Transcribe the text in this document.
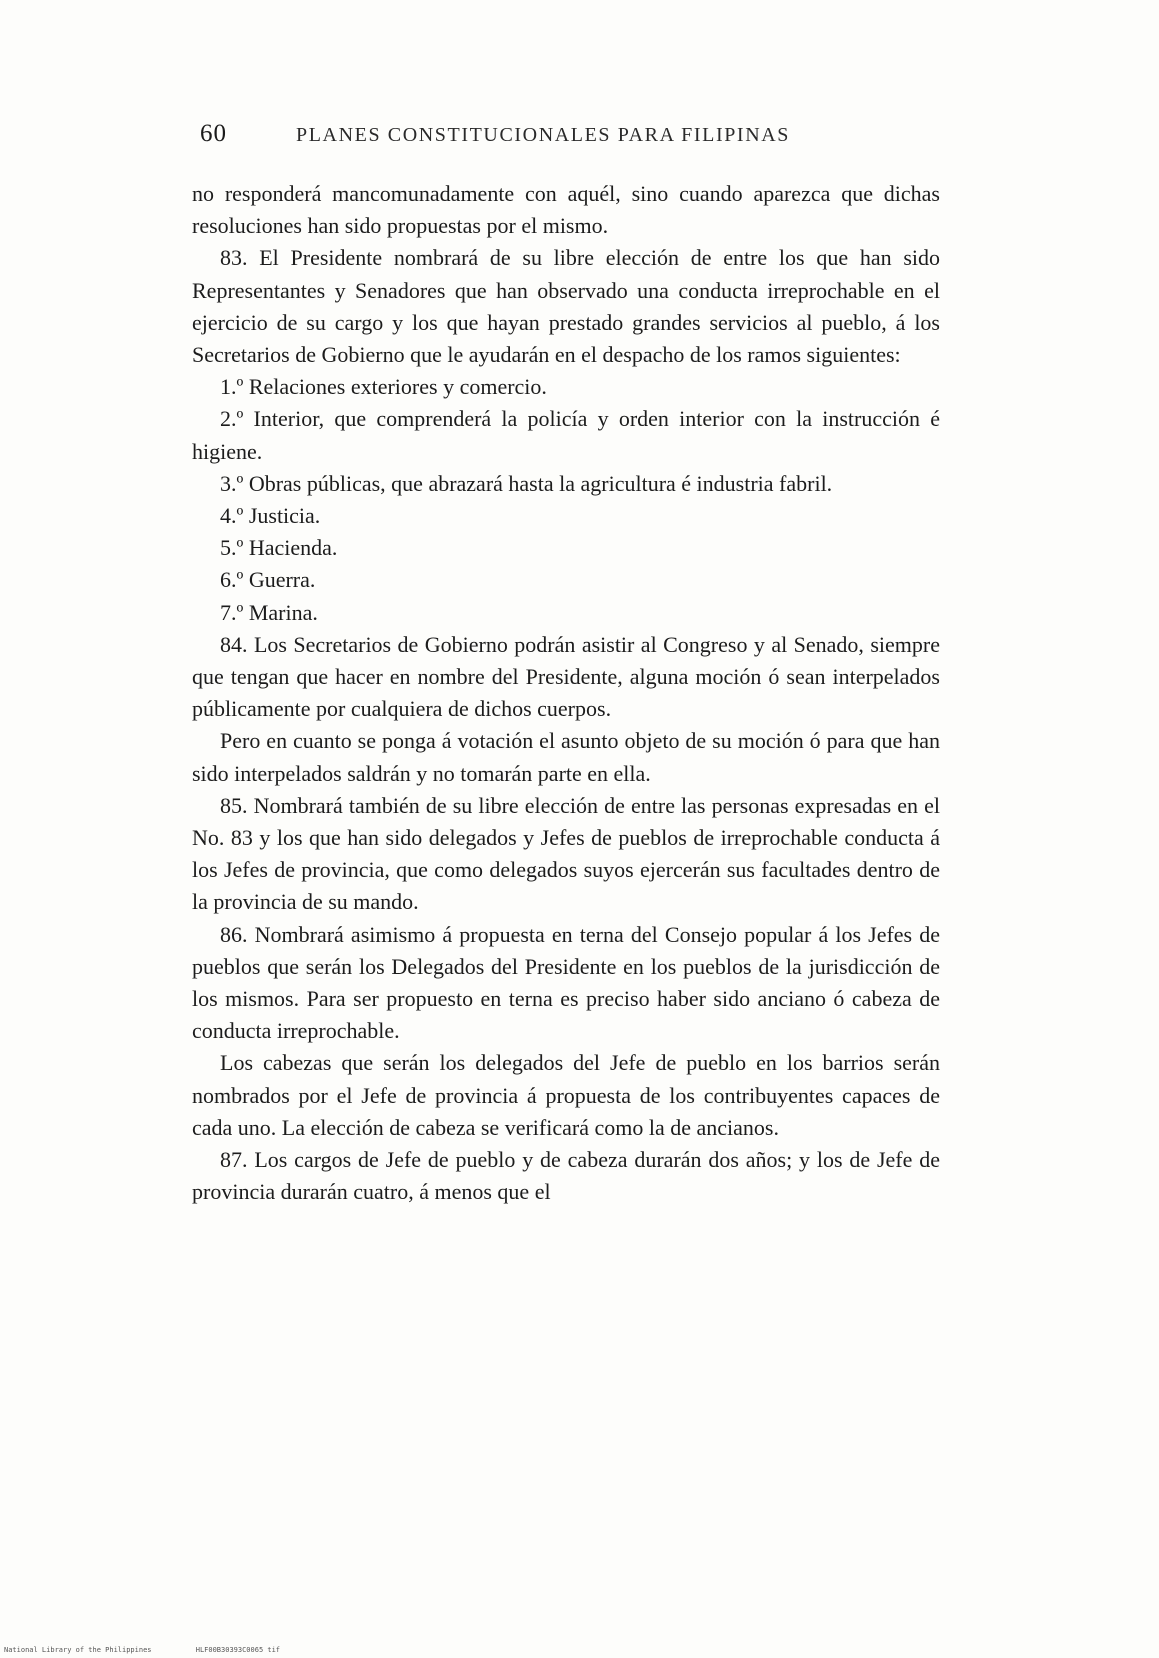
60	PLANES CONSTITUCIONALES PARA FILIPINAS

no responderá mancomunadamente con aquél, sino cuando aparezca que dichas resoluciones han sido propuestas por el mismo.

83. El Presidente nombrará de su libre elección de entre los que han sido Representantes y Senadores que han observado una conducta irreprochable en el ejercicio de su cargo y los que hayan prestado grandes servicios al pueblo, á los Secretarios de Gobierno que le ayudarán en el despacho de los ramos siguientes:

1.º Relaciones exteriores y comercio.

2.º Interior, que comprenderá la policía y orden interior con la instrucción é higiene.

3.º Obras públicas, que abrazará hasta la agricultura é industria fabril.

4.º Justicia.

5.º Hacienda.

6.º Guerra.

7.º Marina.

84. Los Secretarios de Gobierno podrán asistir al Congreso y al Senado, siempre que tengan que hacer en nombre del Presidente, alguna moción ó sean interpelados públicamente por cualquiera de dichos cuerpos.

Pero en cuanto se ponga á votación el asunto objeto de su moción ó para que han sido interpelados saldrán y no tomarán parte en ella.

85. Nombrará también de su libre elección de entre las personas expresadas en el No. 83 y los que han sido delegados y Jefes de pueblos de irreprochable conducta á los Jefes de provincia, que como delegados suyos ejercerán sus facultades dentro de la provincia de su mando.

86. Nombrará asimismo á propuesta en terna del Consejo popular á los Jefes de pueblos que serán los Delegados del Presidente en los pueblos de la jurisdicción de los mismos. Para ser propuesto en terna es preciso haber sido anciano ó cabeza de conducta irreprochable.

Los cabezas que serán los delegados del Jefe de pueblo en los barrios serán nombrados por el Jefe de provincia á propuesta de los contribuyentes capaces de cada uno. La elección de cabeza se verificará como la de ancianos.

87. Los cargos de Jefe de pueblo y de cabeza durarán dos años; y los de Jefe de provincia durarán cuatro, á menos que el

National Library of the Philippines	HLF00B30393C0065 tif
